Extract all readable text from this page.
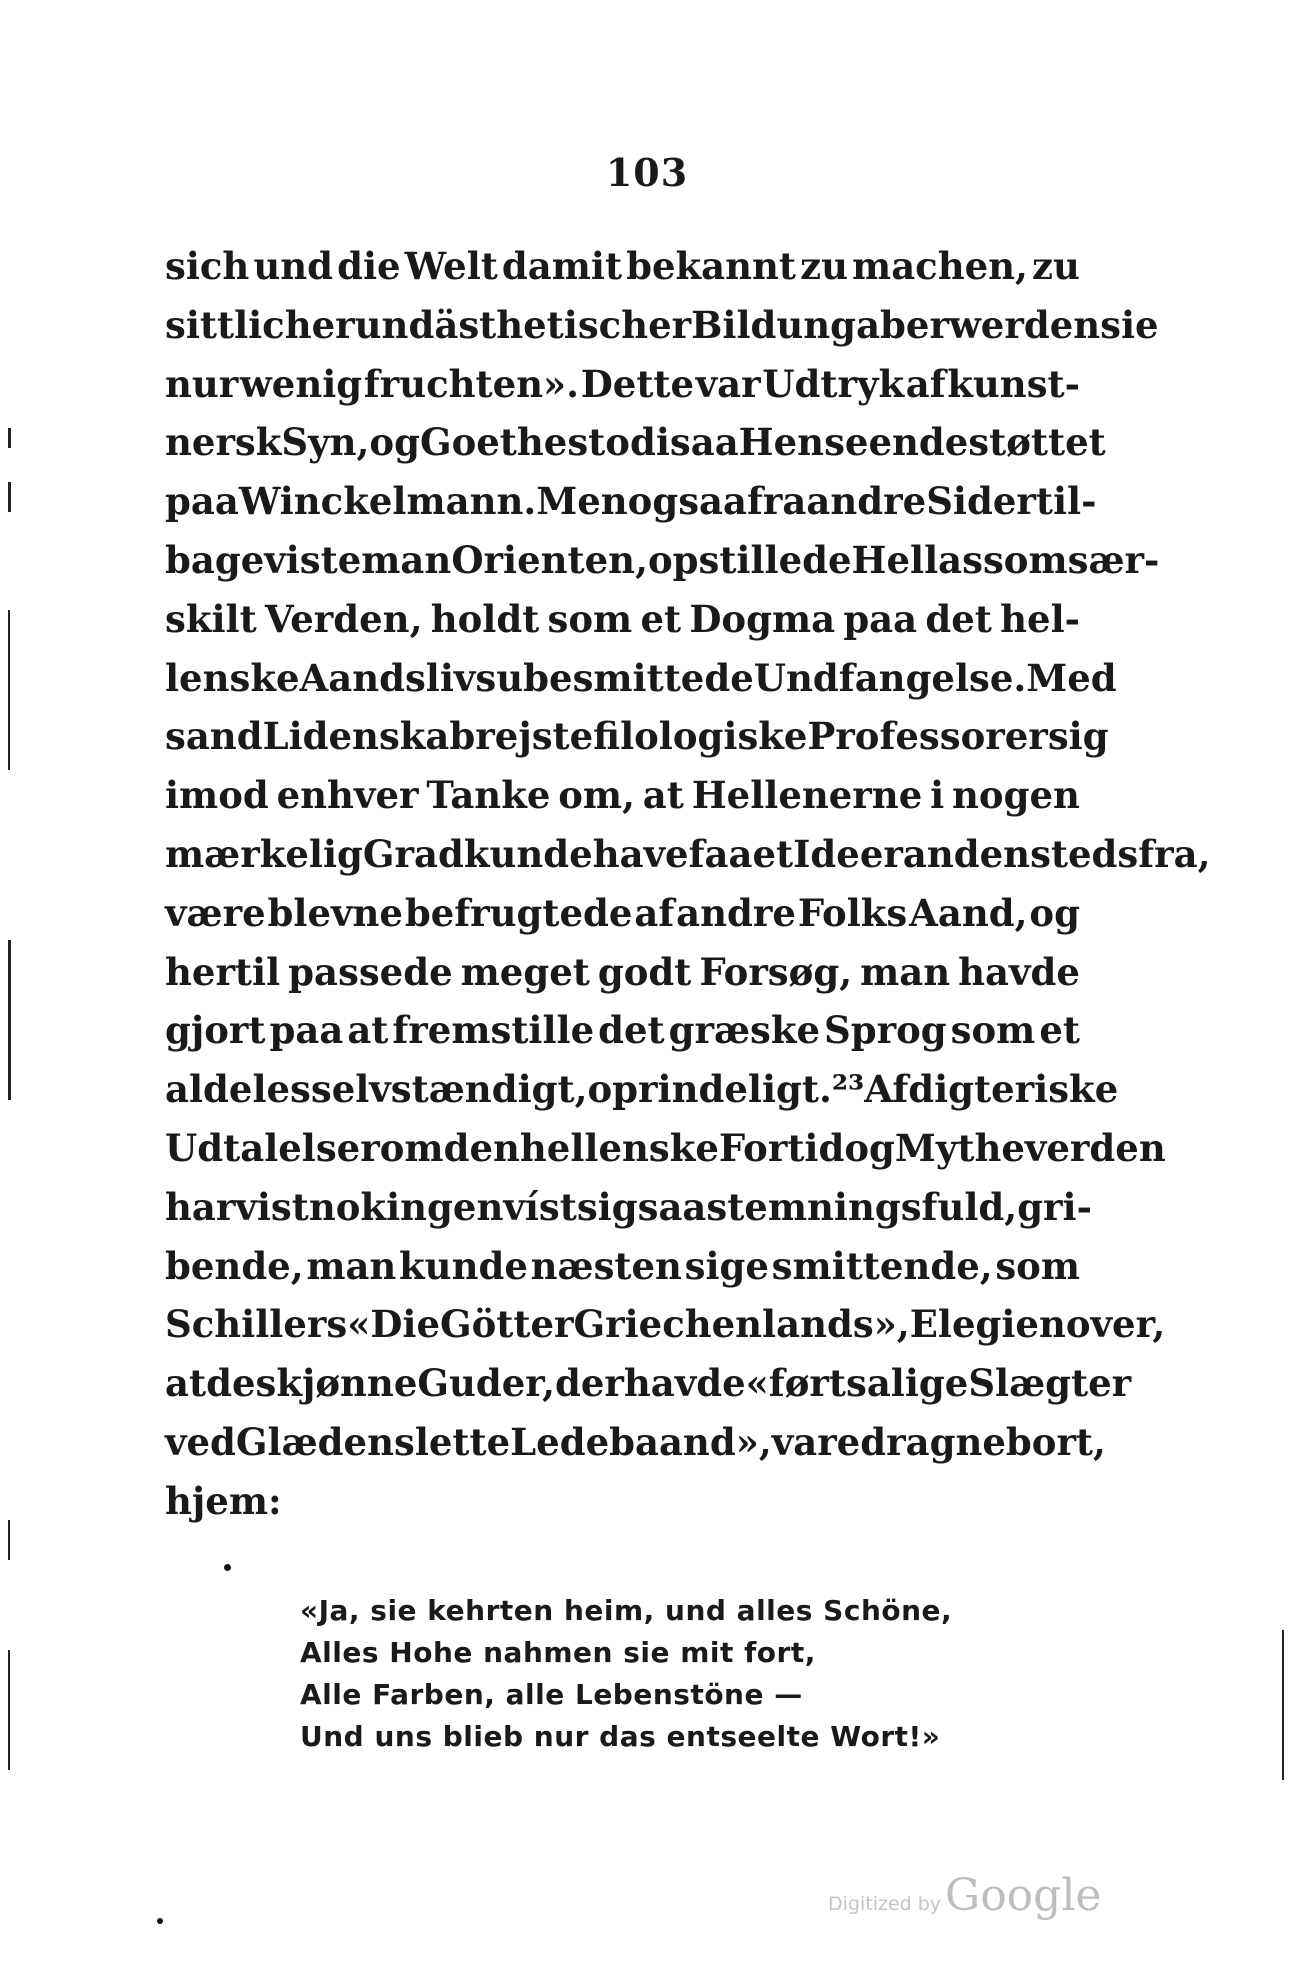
103
sich und die Welt damit bekannt zu machen, zu
sittlicher und ästhetischer Bildung aber werden sie
nur wenig fruchten». Dette var Udtryk af kunst-
nersk Syn, og Goethe stod i saa Henseende støttet
paa Winckelmann. Men ogsaa fra andre Sider til-
bageviste man Orienten, opstillede Hellas som sær-
skilt Verden, holdt som et Dogma paa det hel-
lenske Aandslivs ubesmittede Undfangelse. Med
sand Lidenskab rejste filologiske Professorer sig
imod enhver Tanke om, at Hellenerne i nogen
mærkelig Grad kunde have faaet Ideer andenstedsfra,
være blevne befrugtede af andre Folks Aand, og
hertil passede meget godt Forsøg, man havde
gjort paa at fremstille det græske Sprog som et
aldeles selvstændigt, oprindeligt.²³ Af digteriske
Udtalelser om den hellenske Fortid og Mytheverden
har vistnok ingen víst sig saa stemningsfuld, gri-
bende, man kunde næsten sige smittende, som
Schillers «Die Götter Griechenlands», Elegien over,
at de skjønne Guder, der havde «ført salige Slægter
ved Glædens lette Ledebaand», vare dragne bort,
hjem:
«Ja, sie kehrten heim, und alles Schöne,
Alles Hohe nahmen sie mit fort,
Alle Farben, alle Lebenstöne —
Und uns blieb nur das entseelte Wort!»
Digitized by Google
